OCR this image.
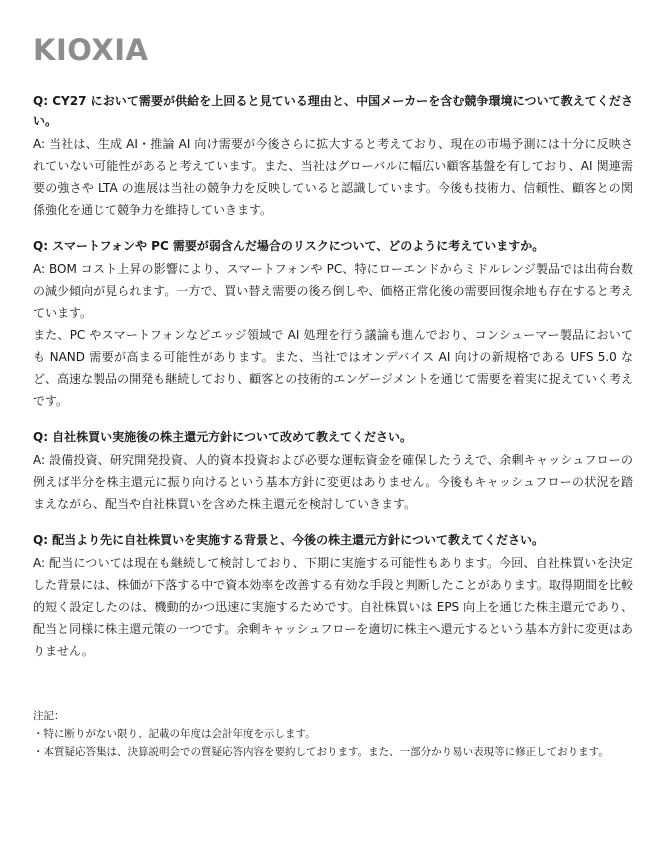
KIOXIA

Q: CY27 において需要が供給を上回ると見ている理由と、中国メーカーを含む競争環境について教えてください。

A: 当社は、生成 AI・推論 AI 向け需要が今後さらに拡大すると考えており、現在の市場予測には十分に反映されていない可能性があると考えています。また、当社はグローバルに幅広い顧客基盤を有しており、AI 関連需要の強さや LTA の進展は当社の競争力を反映していると認識しています。今後も技術力、信頼性、顧客との関係強化を通じて競争力を維持していきます。

Q: スマートフォンや PC 需要が弱含んだ場合のリスクについて、どのように考えていますか。

A: BOM コスト上昇の影響により、スマートフォンや PC、特にローエンドからミドルレンジ製品では出荷台数の減少傾向が見られます。一方で、買い替え需要の後ろ倒しや、価格正常化後の需要回復余地も存在すると考えています。

また、PC やスマートフォンなどエッジ領域で AI 処理を行う議論も進んでおり、コンシューマー製品においても NAND 需要が高まる可能性があります。また、当社ではオンデバイス AI 向けの新規格である UFS 5.0 など、高速な製品の開発も継続しており、顧客との技術的エンゲージメントを通じて需要を着実に捉えていく考えです。

Q: 自社株買い実施後の株主還元方針について改めて教えてください。

A: 設備投資、研究開発投資、人的資本投資および必要な運転資金を確保したうえで、余剰キャッシュフローの例えば半分を株主還元に振り向けるという基本方針に変更はありません。今後もキャッシュフローの状況を踏まえながら、配当や自社株買いを含めた株主還元を検討していきます。

Q: 配当より先に自社株買いを実施する背景と、今後の株主還元方針について教えてください。

A: 配当については現在も継続して検討しており、下期に実施する可能性もあります。今回、自社株買いを決定した背景には、株価が下落する中で資本効率を改善する有効な手段と判断したことがあります。取得期間を比較的短く設定したのは、機動的かつ迅速に実施するためです。自社株買いは EPS 向上を通じた株主還元であり、配当と同様に株主還元策の一つです。余剰キャッシュフローを適切に株主へ還元するという基本方針に変更はありません。

注記：

・特に断りがない限り、記載の年度は会計年度を示します。

・本質疑応答集は、決算説明会での質疑応答内容を要約しております。また、一部分かり易い表現等に修正しております。
